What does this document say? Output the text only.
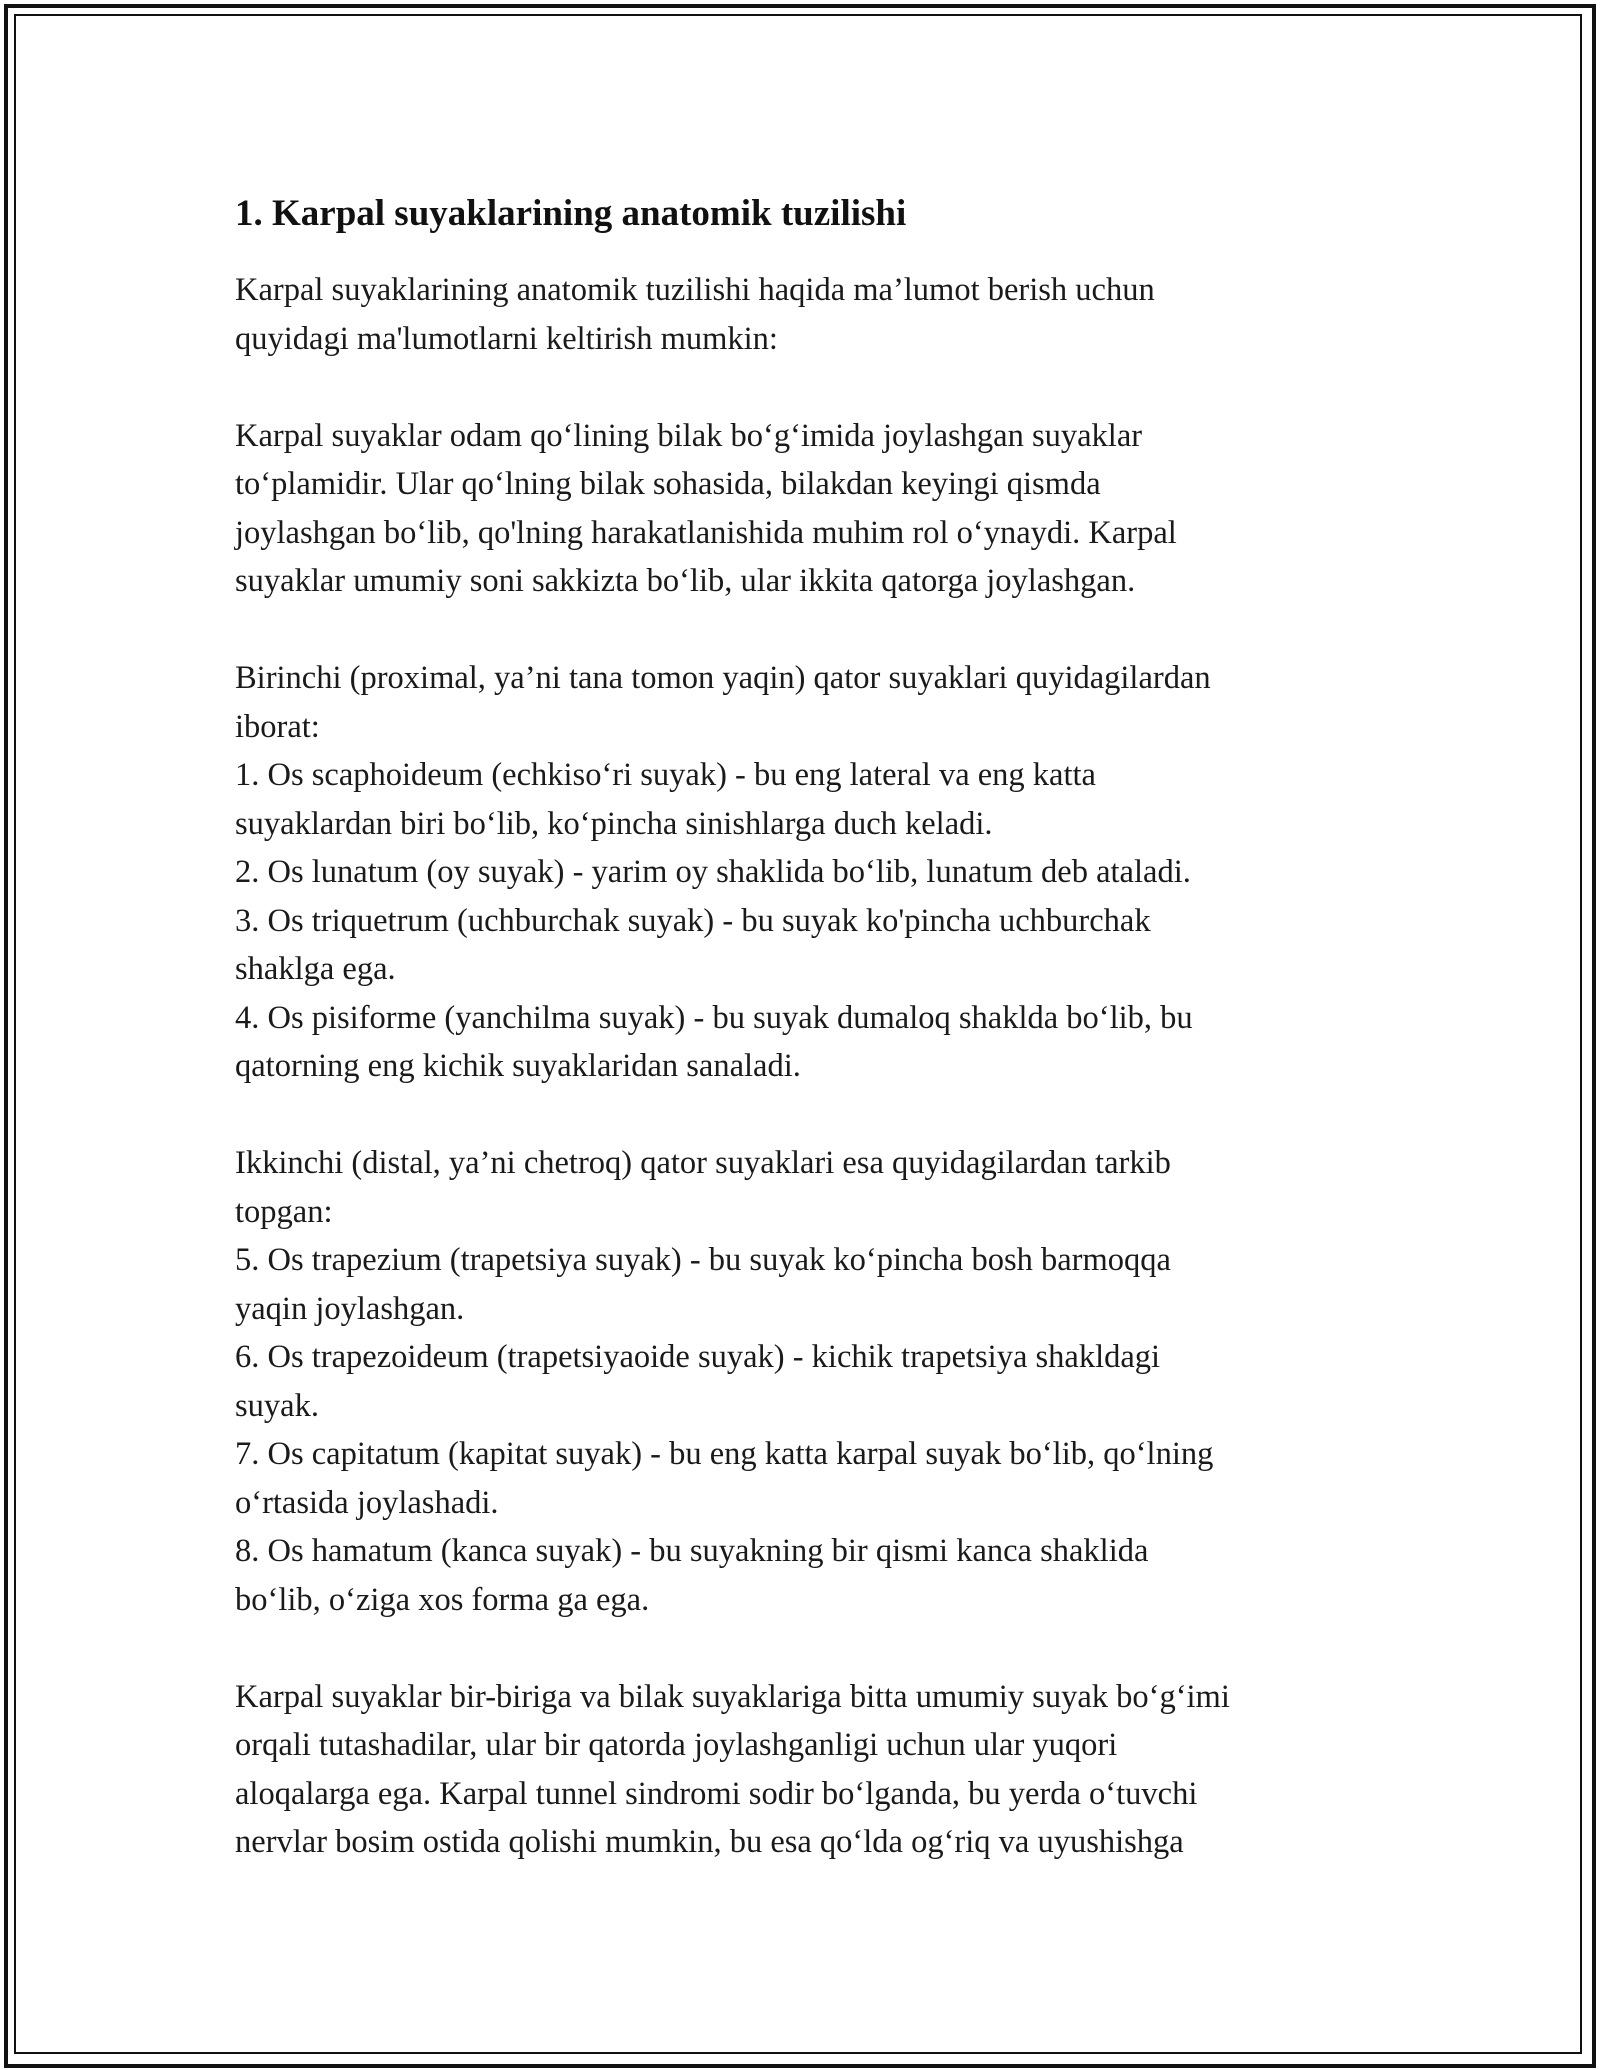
1. Karpal suyaklarining anatomik tuzilishi

Karpal suyaklarining anatomik tuzilishi haqida ma’lumot berish uchun
quyidagi ma'lumotlarni keltirish mumkin:

Karpal suyaklar odam qo‘lining bilak bo‘g‘imida joylashgan suyaklar
to‘plamidir. Ular qo‘lning bilak sohasida, bilakdan keyingi qismda
joylashgan bo‘lib, qo'lning harakatlanishida muhim rol o‘ynaydi. Karpal
suyaklar umumiy soni sakkizta bo‘lib, ular ikkita qatorga joylashgan.

Birinchi (proximal, ya’ni tana tomon yaqin) qator suyaklari quyidagilardan
iborat:
1. Os scaphoideum (echkiso‘ri suyak) - bu eng lateral va eng katta
suyaklardan biri bo‘lib, ko‘pincha sinishlarga duch keladi.
2. Os lunatum (oy suyak) - yarim oy shaklida bo‘lib, lunatum deb ataladi.
3. Os triquetrum (uchburchak suyak) - bu suyak ko'pincha uchburchak
shaklga ega.
4. Os pisiforme (yanchilma suyak) - bu suyak dumaloq shaklda bo‘lib, bu
qatorning eng kichik suyaklaridan sanaladi.

Ikkinchi (distal, ya’ni chetroq) qator suyaklari esa quyidagilardan tarkib
topgan:
5. Os trapezium (trapetsiya suyak) - bu suyak ko‘pincha bosh barmoqqa
yaqin joylashgan.
6. Os trapezoideum (trapetsiyaoide suyak) - kichik trapetsiya shakldagi
suyak.
7. Os capitatum (kapitat suyak) - bu eng katta karpal suyak bo‘lib, qo‘lning
o‘rtasida joylashadi.
8. Os hamatum (kanca suyak) - bu suyakning bir qismi kanca shaklida
bo‘lib, o‘ziga xos forma ga ega.

Karpal suyaklar bir-biriga va bilak suyaklariga bitta umumiy suyak bo‘g‘imi
orqali tutashadilar, ular bir qatorda joylashganligi uchun ular yuqori
aloqalarga ega. Karpal tunnel sindromi sodir bo‘lganda, bu yerda o‘tuvchi
nervlar bosim ostida qolishi mumkin, bu esa qo‘lda og‘riq va uyushishga
